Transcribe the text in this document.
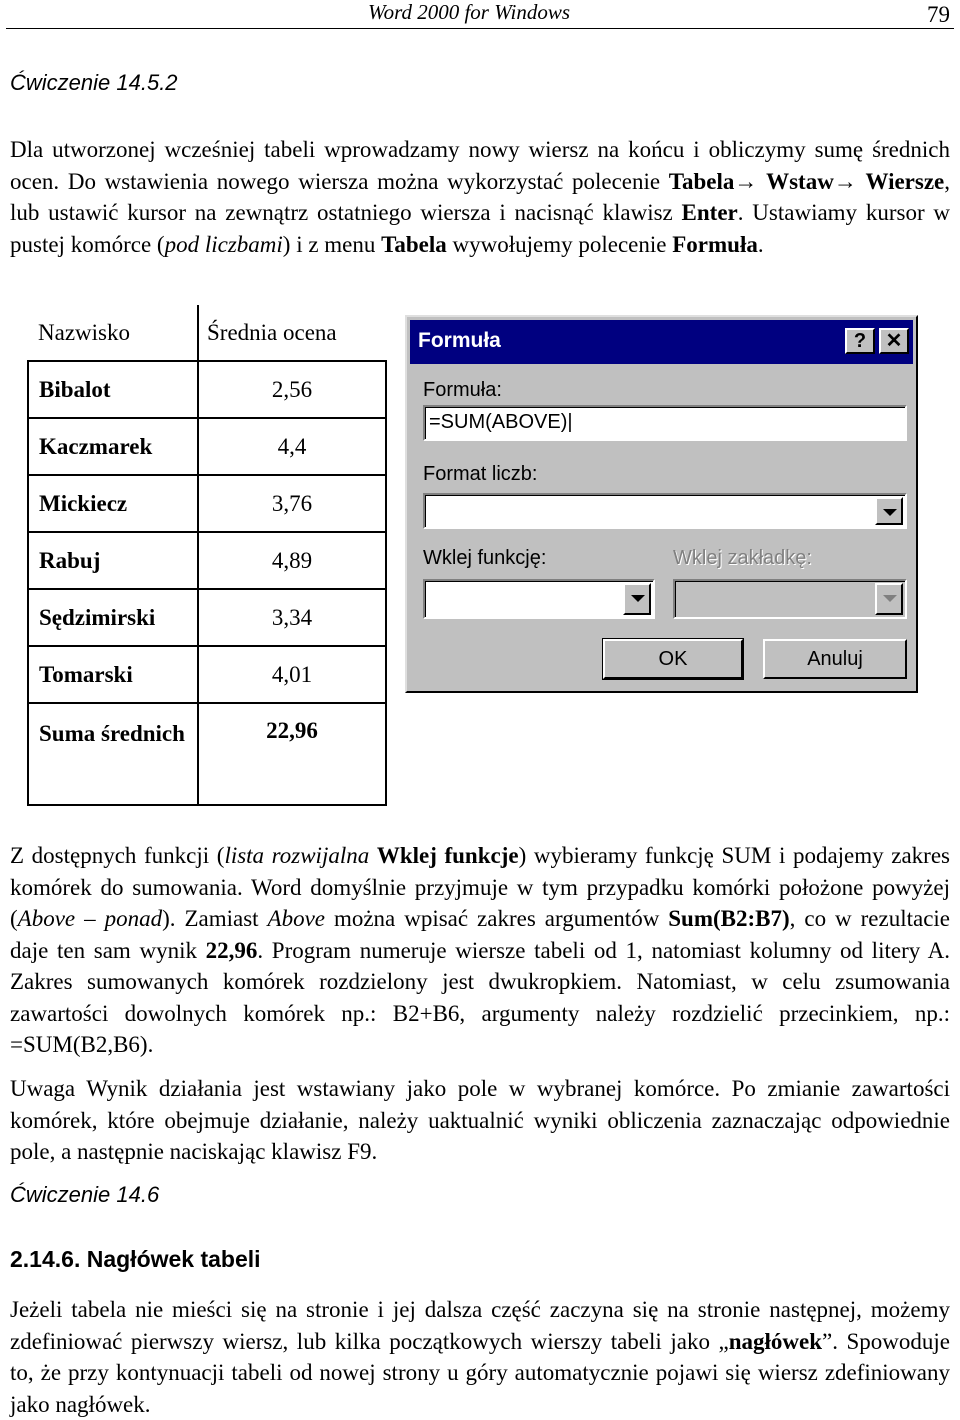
Word 2000 for Windows	79
Ćwiczenie 14.5.2

Dla utworzonej wcześniej tabeli wprowadzamy nowy wiersz na końcu i obliczymy sumę średnich ocen. Do wstawienia nowego wiersza można wykorzystać polecenie Tabela→ Wstaw→ Wiersze, lub ustawić kursor na zewnątrz ostatniego wiersza i nacisnąć klawisz Enter. Ustawiamy kursor w pustej komórce (pod liczbami) i z menu Tabela wywołujemy polecenie Formuła.

Nazwisko	Średnia ocena
Bibalot	2,56
Kaczmarek	4,4
Mickiecz	3,76
Rabuj	4,89
Sędzimirski	3,34
Tomarski	4,01
Suma średnich	22,96
Formuła	? ✕
Formuła:
=SUM(ABOVE)|
Format liczb:
Wklej funkcję:	Wklej zakładkę:
OK	Anuluj

Z dostępnych funkcji (lista rozwijalna Wklej funkcje) wybieramy funkcję SUM i podajemy zakres komórek do sumowania. Word domyślnie przyjmuje w tym przypadku komórki położone powyżej (Above – ponad). Zamiast Above można wpisać zakres argumentów Sum(B2:B7), co w rezultacie daje ten sam wynik 22,96. Program numeruje wiersze tabeli od 1, natomiast kolumny od litery A. Zakres sumowanych komórek rozdzielony jest dwukropkiem. Natomiast, w celu zsumowania zawartości dowolnych komórek np.: B2+B6, argumenty należy rozdzielić przecinkiem, np.: =SUM(B2,B6).

Uwaga Wynik działania jest wstawiany jako pole w wybranej komórce. Po zmianie zawartości komórek, które obejmuje działanie, należy uaktualnić wyniki obliczenia zaznaczając odpowiednie pole, a następnie naciskając klawisz F9.

Ćwiczenie 14.6
2.14.6. Nagłówek tabeli

Jeżeli tabela nie mieści się na stronie i jej dalsza część zaczyna się na stronie następnej, możemy zdefiniować pierwszy wiersz, lub kilka początkowych wierszy tabeli jako „nagłówek”. Spowoduje to, że przy kontynuacji tabeli od nowej strony u góry automatycznie pojawi się wiersz zdefiniowany jako nagłówek.
